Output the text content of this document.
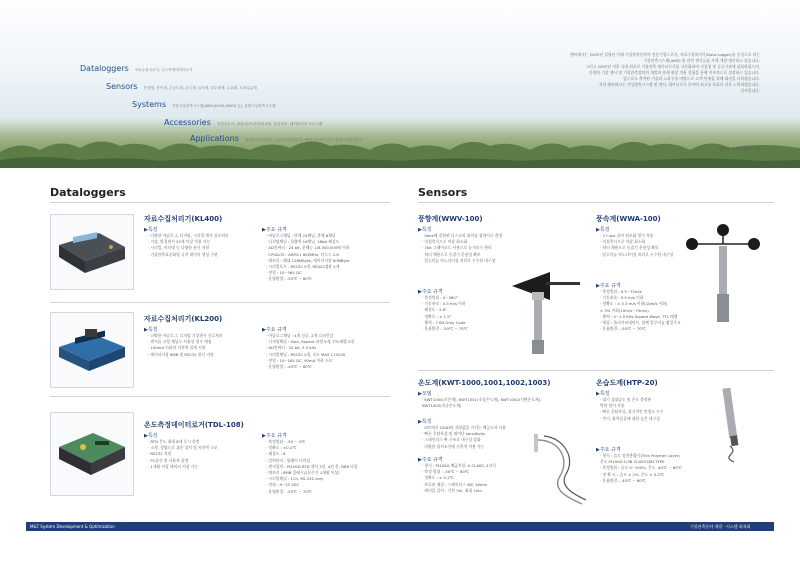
Dataloggers 자료수집처리기, 온도측정데이터로거
Sensors 풍향계, 풍속계, 온습도계, 온도계, 일사계, 강수량계, 수위계, 토양수분계
Systems 자동기상관측시스템(AWS,AGOS,AMOS 등), 통합기상관측시스템
Accessories 전원공급기, 타워/암/브라켓/피뢰침, 통신장치, 데이터처리 프로그램
Applications 방재기상관측분야, 농업기상관측분야, 해양기상관측분야, 환경기상관측분야
엠씨테크는 2003년 설립된 이래 기상관측분야의 전문기업으로서, 자료수집처리기(Data Logger)를 중심으로 하는
기상관측시스템(AWS) 및 관련 센서류를 자체 개발·생산하고 있습니다.
그리고 2007년 이후 국내 최초로 기상관측 데이터로거를 국산화하여 기상청 및 공공기관에 납품하였으며,
다양한 기상 센서 및 기상관측장치의 개발과 함께 현장 적용 경험을 통해 지속적으로 성장하고 있습니다.
앞으로도 축적된 기술과 노하우를 바탕으로 고객 만족을 위해 최선을 다하겠습니다.
저희 엠씨테크는 기상관측시스템 및 센서, 데이터로거 분야의 최고를 목표로 더욱 노력하겠습니다.
감사합니다.
엠씨테크 대표이사 드림
Dataloggers
자료수집처리기(KL400)
▶특징
· 다양한 아날로그, 디지털, 시리얼 센서 신호처리
· 기상, 환경센서 20개 이상 적용 가능
· 시리얼, 이더넷 등 다양한 통신 지원
· 기상관측표준화법 규격 데이터 생성 구현
▶주요 규격
· 아날로그채널 : 단채 24채널, 총채 8채널
· 디지털채널 : 입출력 16채널, 16bit 해상도
· AD컨버터 : 24 bit, 분해능 1/8,000,000배 이하
· CPU&OS : ARM11 600MHz, 리눅스 2.6
· 메모리 : 램대 128MByte, 데이터저장 60MByte
· 시리얼포트 : RS232 5개, RS422겸용 2개
· 전원 : 10~36V DC
· 운영환경 : -50℃ ~ 80℃
자료수집처리기(KL200)
▶특징
· 다양한 아날로그, 디지털 기상센서 신호처리
· 센서를 고정 채널로 사용할 경우 매칭
· 100mA 이하의 저전력 설계 지원
· 데이터저장 8MB 및 RS232 통신 지원
▶주요 규격
· 아날로그채널 : 4개 싱글, 2개 디퍼런셜
· 디지털채널 : Sine, Square 파형 5개, TTL레벨 2개
· AD컨버터 : 24 bit, 3.5 kHz
· 시리얼채널 : RS232 2개, 속도 MAX 115200
· 전원 : 10~16V DC, 90mA 이하 소모
· 운영환경 : -40℃ ~ 80℃
온도측정데이터로거(TDL-108)
▶특징
· RTD 온도 최대 8개 동시 측정
· 소형, 경량으로 쉬운 설치 및 저전력 소모
· RS232 지원
· PC통신 및 사용자 설정
· 1개월 이상 데이터 저장 가능
▶주요 규격
· 측정범위 : -50 ~ 0℃
· 정확도 : ±0.2℃
· 해상도 : 8
· 입력단자 : 릴레이 터미널
· 센서입력 : Pt100Ω RTD 센서 3선, 4선 총, DB6 타입
· 메모리 : 8MB 플래시(1분주기 1개월 이상)
· 시리얼채널 : 1Ch, RS-232 only
· 전원 : 9~15 VDC
· 운영환경 : -50℃ ~ 70℃
Sensors
풍향계(WWV-100)
▶특징
· Vane에 결합된 디스크의 위치를 광센서로 측정
· 비접촉식으로 마찰 최소화
· 7bit 그레이코드 사용으로 유지보수 편리
· 히터 채용으로 동결기 운용성 확보
· 알루미늄 아노다이징 처리로 우수한 내구성
▶주요 규격
· 측정범위 : 0~360°
· 기동풍속 : 0.5 m/s 이하
· 해상도 : 2.8°
· 정확도 : ± 1.5°
· 출력 : 7 Bit Gray Code
· 운용환경 : -50℃ ~ 70℃
풍속계(WWA-100)
▶특징
· 3 Cups 끝이 원초화 형식 적용
· 비접촉식으로 마찰 최소화
· 히터 채용으로 동결기 운용성 확보
· 알루미늄 아노다이징 처리로 우수한 내구성
▶주요 규격
· 측정범위 : 0.5~75m/s
· 기동풍속 : 0.5 m/s 이하
· 정확도 : ± 0.3 m/s 이하(10m/s 이하)
± 3% 이하(10m/s~75m/s)
· 출력 : 0~1.5 KHz Square Wave, TTL 레벨
· 재질 : 폴리카보네이트, 함께 알루미늄 찢일주요
· 운용환경 : -50℃ ~ 70℃
온도계(KWT-1000,1001,1002,1003)
▶모델
· KWT1000(기온계), KWT1001(초상온도계), KWT1002(지면온도계),
KWT1003(지중온도계)
▶특징
· 0℃에서 100Ω의 저항값을 가지는 백금소자 사용
· 빠른 응답특성 및 뛰어난 sensitivity
· 스테인리스 판 구조로 내구성 강화
· 다양한 설치조건에 신축적 적용 가능
▶주요 규격
· 형식 : Pt100Ω 백금저항, A CLASS, 4선식
· 측정 범위 : -50℃ ~ 80℃
· 정확도 : ± 0.2℃
· 보호관 재질 : 스테인리스 6Ø, 16mm
· 케이블 길이 : 기본 3m, 최대 10m
온습도계(HTP-20)
▶특징
· 대기 상대습도 및 온도 측정용
박막 센서 사용
· 빠른 응답특성, 장기적인 안정도 우수
· 전기, 화학물질에 대한 높은 내구성
▶주요 규격
· 형식 : 습도 정전용량식(Thin Polymer Layer)
온도 Pt100Ω 1/3B CLASS DIN TYPE
· 측정범위 : 습도 0~100%, 온도 -40℃ ~ 60℃
· 정 확 도 : 습도 ± 2%, 온도 ± 0.2℃
· 운용환경 : -40℃ ~ 60℃
M&T System Development & Optimization	기상관측분야 개발 · 시스템 최적화
